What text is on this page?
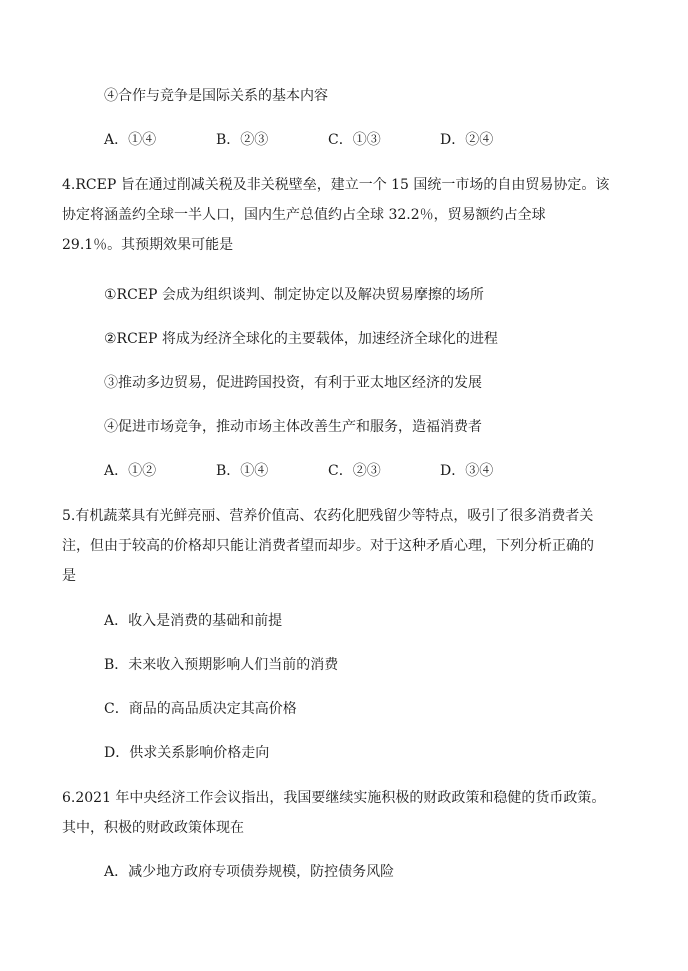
④合作与竞争是国际关系的基本内容
A．①④	B．②③	C．①③	D．②④
4.RCEP 旨在通过削减关税及非关税壁垒，建立一个 15 国统一市场的自由贸易协定。该
协定将涵盖约全球一半人口，国内生产总值约占全球 32.2％，贸易额约占全球
29.1％。其预期效果可能是
①RCEP 会成为组织谈判、制定协定以及解决贸易摩擦的场所
②RCEP 将成为经济全球化的主要载体，加速经济全球化的进程
③推动多边贸易，促进跨国投资，有利于亚太地区经济的发展
④促进市场竞争，推动市场主体改善生产和服务，造福消费者
A．①②	B．①④	C．②③	D．③④
5.有机蔬菜具有光鲜亮丽、营养价值高、农药化肥残留少等特点，吸引了很多消费者关
注，但由于较高的价格却只能让消费者望而却步。对于这种矛盾心理，下列分析正确的
是
A．收入是消费的基础和前提
B．未来收入预期影响人们当前的消费
C．商品的高品质决定其高价格
D．供求关系影响价格走向
6.2021 年中央经济工作会议指出，我国要继续实施积极的财政政策和稳健的货币政策。
其中，积极的财政政策体现在
A．减少地方政府专项债券规模，防控债务风险
